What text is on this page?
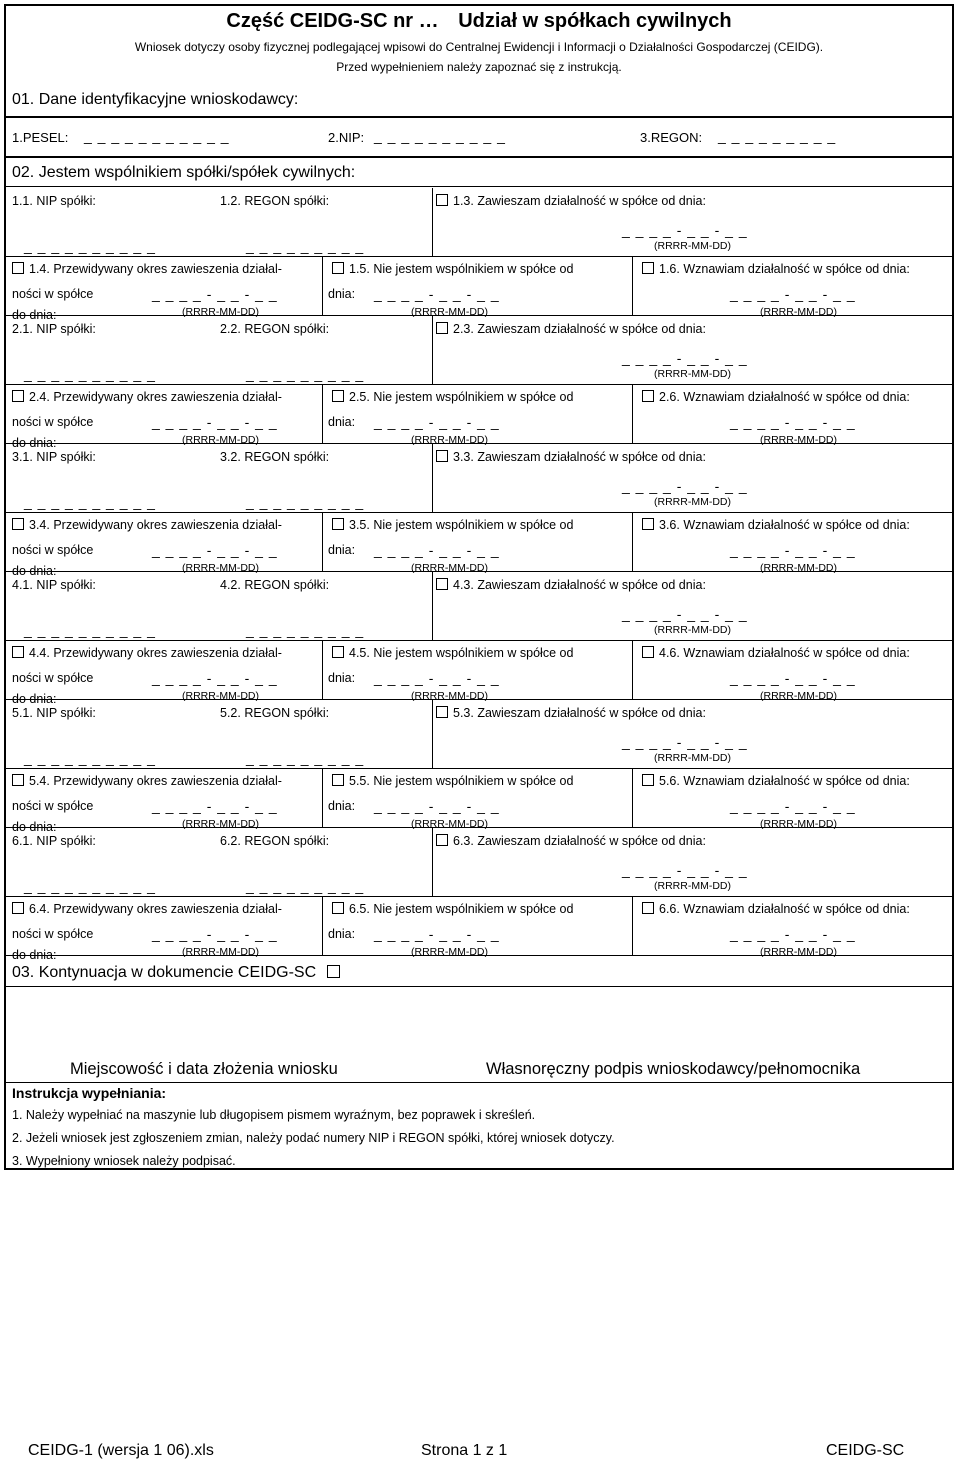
Część CEIDG-SC nr … Udział w spółkach cywilnych
Wniosek dotyczy osoby fizycznej podlegającej wpisowi do Centralnej Ewidencji i Informacji o Działalności Gospodarczej (CEIDG).
Przed wypełnieniem należy zapoznać się z instrukcją.
01. Dane identyfikacyjne wnioskodawcy:
1.PESEL: _ _ _ _ _ _ _ _ _ _ _	2.NIP: _ _ _ _ _ _ _ _ _ _	3.REGON: _ _ _ _ _ _ _ _ _
02. Jestem wspólnikiem spółki/spółek cywilnych:
1.1. NIP spółki:	1.2. REGON spółki:	1.3. Zawieszam działalność w spółce od dnia:
_ _ _ _ _ _ _ _ _ _	_ _ _ _ _ _ _ _ _
_ _ _ _ - _ _ - _ _
(RRRR-MM-DD)
1.4. Przewidywany okres zawieszenia działal-
ności w spółce
do dnia:
_ _ _ _ - _ _ - _ _
(RRRR-MM-DD)
1.5. Nie jestem wspólnikiem w spółce od
dnia: _ _ _ _ - _ _ - _ _
(RRRR-MM-DD)
1.6. Wznawiam działalność w spółce od dnia:
_ _ _ _ - _ _ - _ _
(RRRR-MM-DD)
2.1. NIP spółki:	2.2. REGON spółki:	2.3. Zawieszam działalność w spółce od dnia:
_ _ _ _ _ _ _ _ _ _	_ _ _ _ _ _ _ _ _
_ _ _ _ - _ _ - _ _
(RRRR-MM-DD)
2.4. Przewidywany okres zawieszenia działal-
ności w spółce
do dnia:
_ _ _ _ - _ _ - _ _
(RRRR-MM-DD)
2.5. Nie jestem wspólnikiem w spółce od
dnia: _ _ _ _ - _ _ - _ _
(RRRR-MM-DD)
2.6. Wznawiam działalność w spółce od dnia:
_ _ _ _ - _ _ - _ _
(RRRR-MM-DD)
3.1. NIP spółki:	3.2. REGON spółki:	3.3. Zawieszam działalność w spółce od dnia:
_ _ _ _ _ _ _ _ _ _	_ _ _ _ _ _ _ _ _
_ _ _ _ - _ _ - _ _
(RRRR-MM-DD)
3.4. Przewidywany okres zawieszenia działal-
ności w spółce
do dnia:
_ _ _ _ - _ _ - _ _
(RRRR-MM-DD)
3.5. Nie jestem wspólnikiem w spółce od
dnia: _ _ _ _ - _ _ - _ _
(RRRR-MM-DD)
3.6. Wznawiam działalność w spółce od dnia:
_ _ _ _ - _ _ - _ _
(RRRR-MM-DD)
4.1. NIP spółki:	4.2. REGON spółki:	4.3. Zawieszam działalność w spółce od dnia:
_ _ _ _ _ _ _ _ _ _	_ _ _ _ _ _ _ _ _
_ _ _ _ - _ _ - _ _
(RRRR-MM-DD)
4.4. Przewidywany okres zawieszenia działal-
ności w spółce
do dnia:
_ _ _ _ - _ _ - _ _
(RRRR-MM-DD)
4.5. Nie jestem wspólnikiem w spółce od
dnia: _ _ _ _ - _ _ - _ _
(RRRR-MM-DD)
4.6. Wznawiam działalność w spółce od dnia:
_ _ _ _ - _ _ - _ _
(RRRR-MM-DD)
5.1. NIP spółki:	5.2. REGON spółki:	5.3. Zawieszam działalność w spółce od dnia:
_ _ _ _ _ _ _ _ _ _	_ _ _ _ _ _ _ _ _
_ _ _ _ - _ _ - _ _
(RRRR-MM-DD)
5.4. Przewidywany okres zawieszenia działal-
ności w spółce
do dnia:
_ _ _ _ - _ _ - _ _
(RRRR-MM-DD)
5.5. Nie jestem wspólnikiem w spółce od
dnia: _ _ _ _ - _ _ - _ _
(RRRR-MM-DD)
5.6. Wznawiam działalność w spółce od dnia:
_ _ _ _ - _ _ - _ _
(RRRR-MM-DD)
6.1. NIP spółki:	6.2. REGON spółki:	6.3. Zawieszam działalność w spółce od dnia:
_ _ _ _ _ _ _ _ _ _	_ _ _ _ _ _ _ _ _
_ _ _ _ - _ _ - _ _
(RRRR-MM-DD)
6.4. Przewidywany okres zawieszenia działal-
ności w spółce
do dnia:
_ _ _ _ - _ _ - _ _
(RRRR-MM-DD)
6.5. Nie jestem wspólnikiem w spółce od
dnia: _ _ _ _ - _ _ - _ _
(RRRR-MM-DD)
6.6. Wznawiam działalność w spółce od dnia:
_ _ _ _ - _ _ - _ _
(RRRR-MM-DD)
03. Kontynuacja w dokumencie CEIDG-SC
Miejscowość i data złożenia wniosku	Własnoręczny podpis wnioskodawcy/pełnomocnika
Instrukcja wypełniania:
1. Należy wypełniać na maszynie lub długopisem pismem wyraźnym, bez poprawek i skreśleń.
2. Jeżeli wniosek jest zgłoszeniem zmian, należy podać numery NIP i REGON spółki, której wniosek dotyczy.
3. Wypełniony wniosek należy podpisać.
CEIDG-1 (wersja 1 06).xls	Strona 1 z 1	CEIDG-SC
